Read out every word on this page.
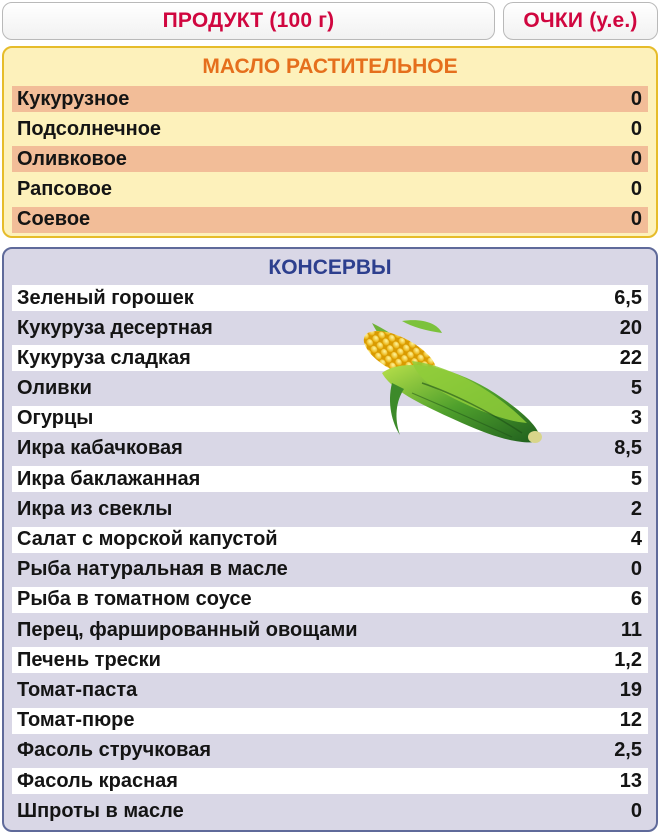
ПРОДУКТ (100 г)	ОЧКИ (у.е.)
МАСЛО РАСТИТЕЛЬНОЕ
Кукурузное	0
Подсолнечное	0
Оливковое	0
Рапсовое	0
Соевое	0
КОНСЕРВЫ
Зеленый горошек	6,5
Кукуруза десертная	20
Кукуруза сладкая	22
Оливки	5
Огурцы	3
Икра кабачковая	8,5
Икра баклажанная	5
Икра из свеклы	2
Салат с морской капустой	4
Рыба натуральная в масле	0
Рыба в томатном соусе	6
Перец, фаршированный овощами	11
Печень трески	1,2
Томат-паста	19
Томат-пюре	12
Фасоль стручковая	2,5
Фасоль красная	13
Шпроты в масле	0
